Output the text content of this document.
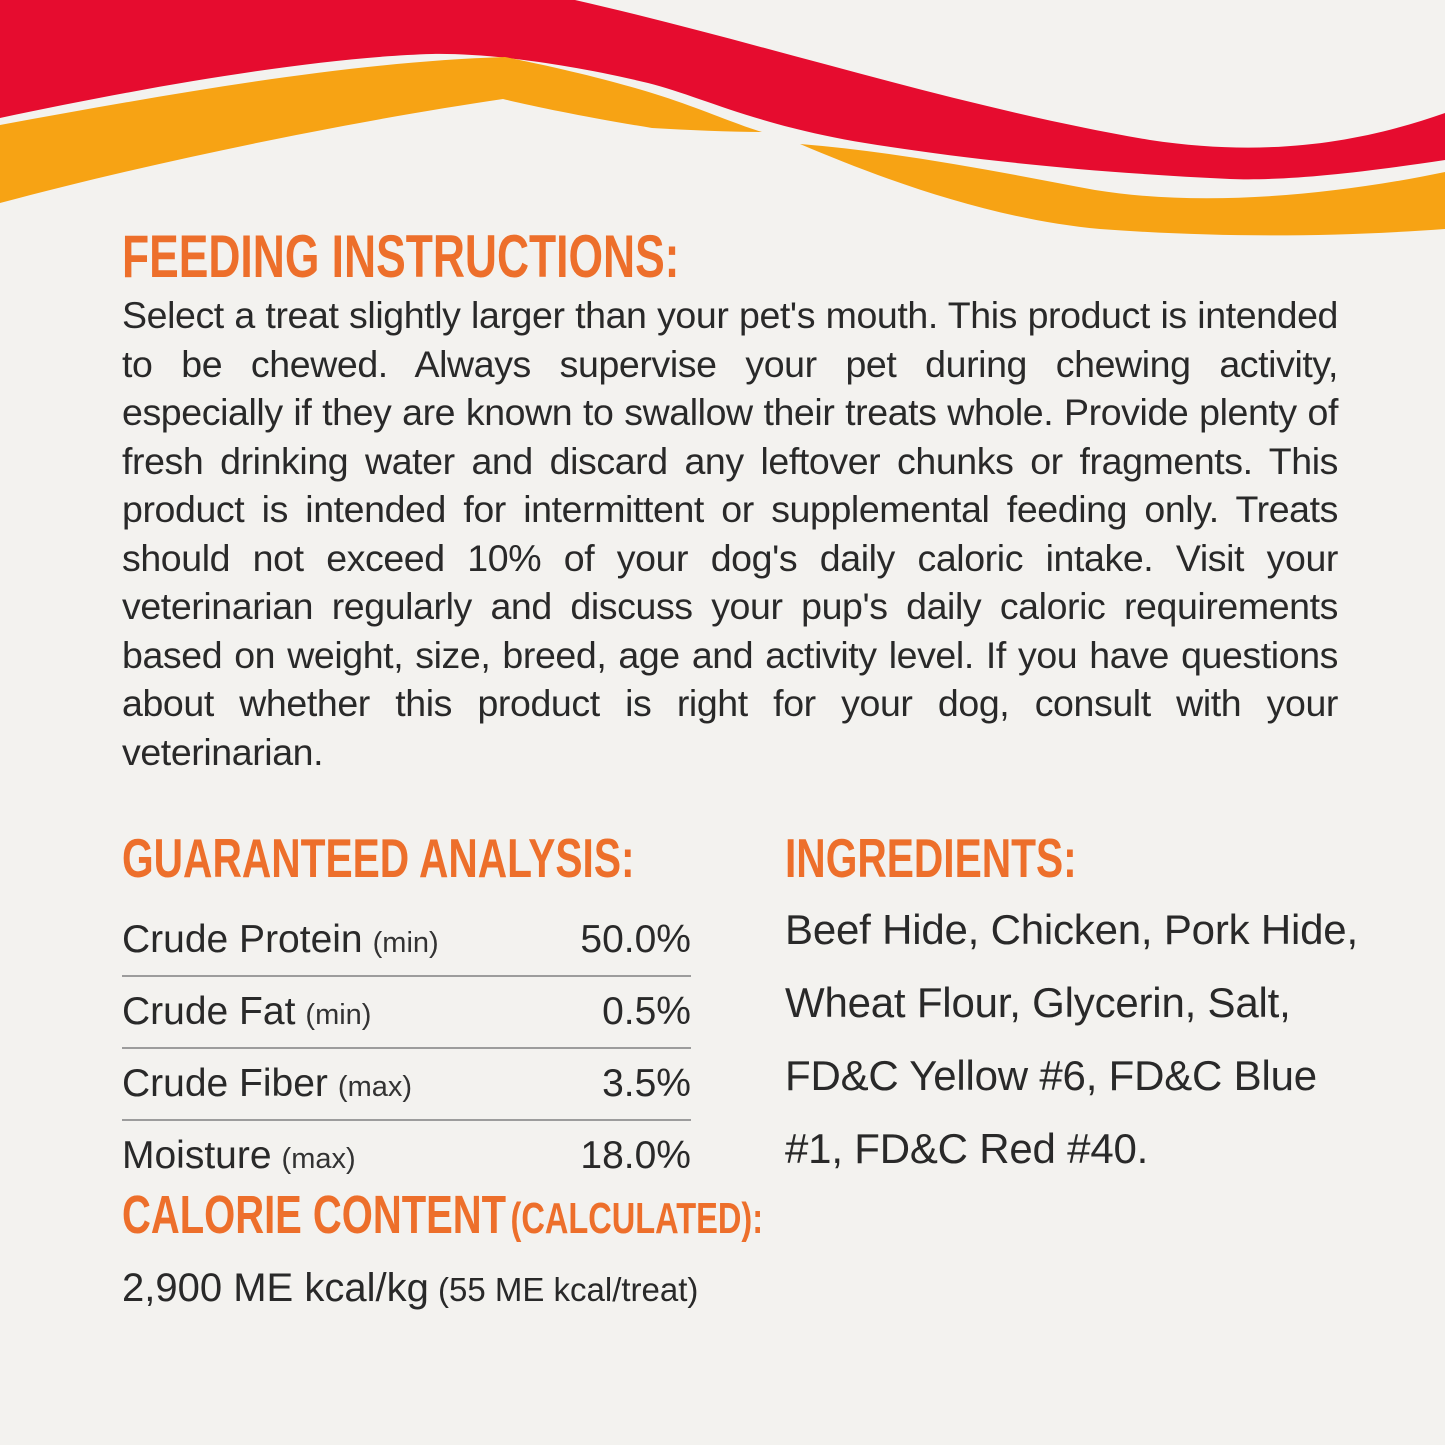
FEEDING INSTRUCTIONS:
Select a treat slightly larger than your pet's mouth. This product is intended to be chewed. Always supervise your pet during chewing activity, especially if they are known to swallow their treats whole. Provide plenty of fresh drinking water and discard any leftover chunks or fragments. This product is intended for intermittent or supplemental feeding only. Treats should not exceed 10% of your dog's daily caloric intake. Visit your veterinarian regularly and discuss your pup's daily caloric requirements based on weight, size, breed, age and activity level. If you have questions about whether this product is right for your dog, consult with your veterinarian.
GUARANTEED ANALYSIS:
Crude Protein (min)	50.0%
Crude Fat (min)	0.5%
Crude Fiber (max)	3.5%
Moisture (max)	18.0%
CALORIE CONTENT (CALCULATED):
2,900 ME kcal/kg (55 ME kcal/treat)
INGREDIENTS:
Beef Hide, Chicken, Pork Hide, Wheat Flour, Glycerin, Salt, FD&C Yellow #6, FD&C Blue #1, FD&C Red #40.
